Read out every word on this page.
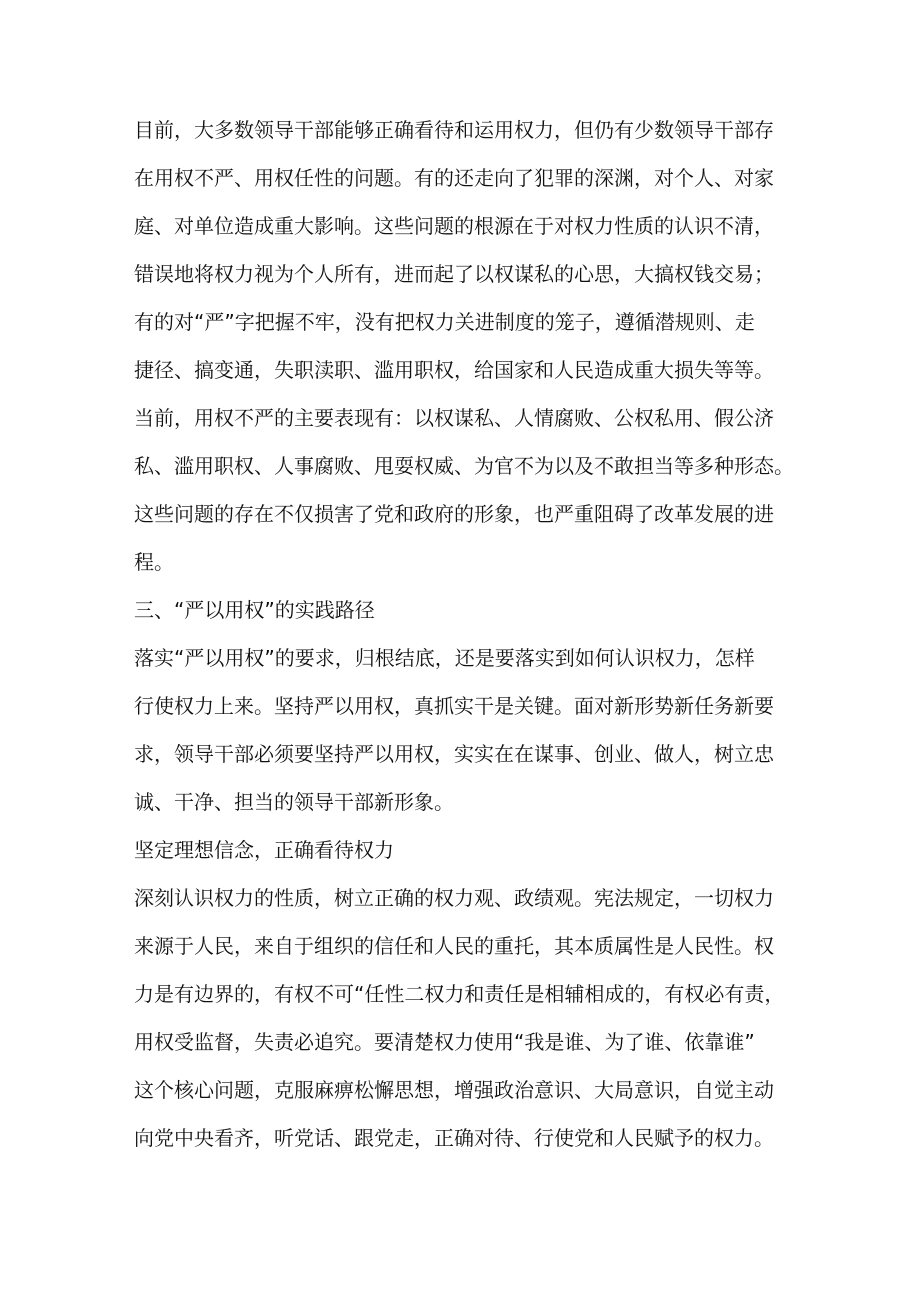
目前，大多数领导干部能够正确看待和运用权力，但仍有少数领导干部存
在用权不严、用权任性的问题。有的还走向了犯罪的深渊，对个人、对家
庭、对单位造成重大影响。这些问题的根源在于对权力性质的认识不清，
错误地将权力视为个人所有，进而起了以权谋私的心思，大搞权钱交易；
有的对“严”字把握不牢，没有把权力关进制度的笼子，遵循潜规则、走
捷径、搞变通，失职渎职、滥用职权，给国家和人民造成重大损失等等。
当前，用权不严的主要表现有：以权谋私、人情腐败、公权私用、假公济
私、滥用职权、人事腐败、甩耍权威、为官不为以及不敢担当等多种形态。
这些问题的存在不仅损害了党和政府的形象，也严重阻碍了改革发展的进
程。
三、“严以用权”的实践路径
落实“严以用权”的要求，归根结底，还是要落实到如何认识权力，怎样
行使权力上来。坚持严以用权，真抓实干是关键。面对新形势新任务新要
求，领导干部必须要坚持严以用权，实实在在谋事、创业、做人，树立忠
诚、干净、担当的领导干部新形象。
坚定理想信念，正确看待权力
深刻认识权力的性质，树立正确的权力观、政绩观。宪法规定，一切权力
来源于人民，来自于组织的信任和人民的重托，其本质属性是人民性。权
力是有边界的，有权不可“任性二权力和责任是相辅相成的，有权必有责，
用权受监督，失责必追究。要清楚权力使用“我是谁、为了谁、依靠谁”
这个核心问题，克服麻痹松懈思想，增强政治意识、大局意识，自觉主动
向党中央看齐，听党话、跟党走，正确对待、行使党和人民赋予的权力。
